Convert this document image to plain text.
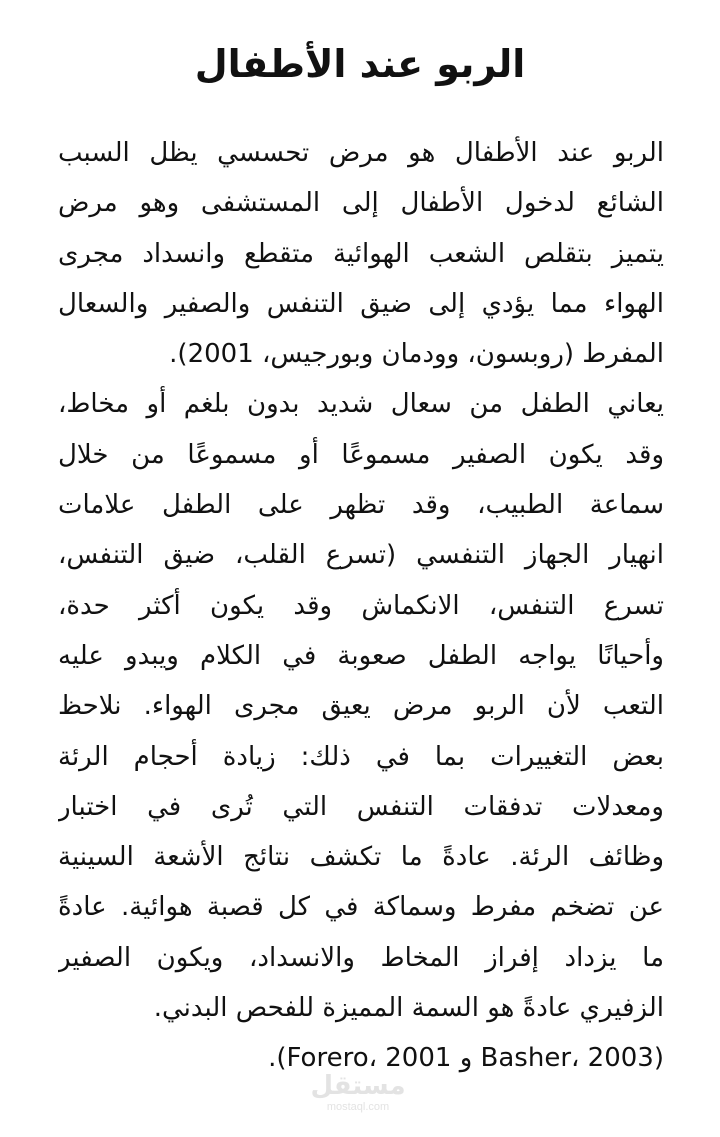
الربو عند الأطفال
الربو عند الأطفال هو مرض تحسسي يظل السبب
الشائع لدخول الأطفال إلى المستشفى وهو مرض
يتميز بتقلص الشعب الهوائية متقطع وانسداد مجرى
الهواء مما يؤدي إلى ضيق التنفس والصفير والسعال
المفرط (روبسون، وودمان وبورجيس، 2001).
يعاني الطفل من سعال شديد بدون بلغم أو مخاط،
وقد يكون الصفير مسموعًا أو مسموعًا من خلال
سماعة الطبيب، وقد تظهر على الطفل علامات
انهيار الجهاز التنفسي (تسرع القلب، ضيق التنفس،
تسرع التنفس، الانكماش وقد يكون أكثر حدة،
وأحيانًا يواجه الطفل صعوبة في الكلام ويبدو عليه
التعب لأن الربو مرض يعيق مجرى الهواء. نلاحظ
بعض التغييرات بما في ذلك: زيادة أحجام الرئة
ومعدلات تدفقات التنفس التي تُرى في اختبار
وظائف الرئة. عادةً ما تكشف نتائج الأشعة السينية
عن تضخم مفرط وسماكة في كل قصبة هوائية. عادةً
ما يزداد إفراز المخاط والانسداد، ويكون الصفير
الزفيري عادةً هو السمة المميزة للفحص البدني.
(Basher، 2003 و Forero، 2001).
مستقل
mostaql.com
